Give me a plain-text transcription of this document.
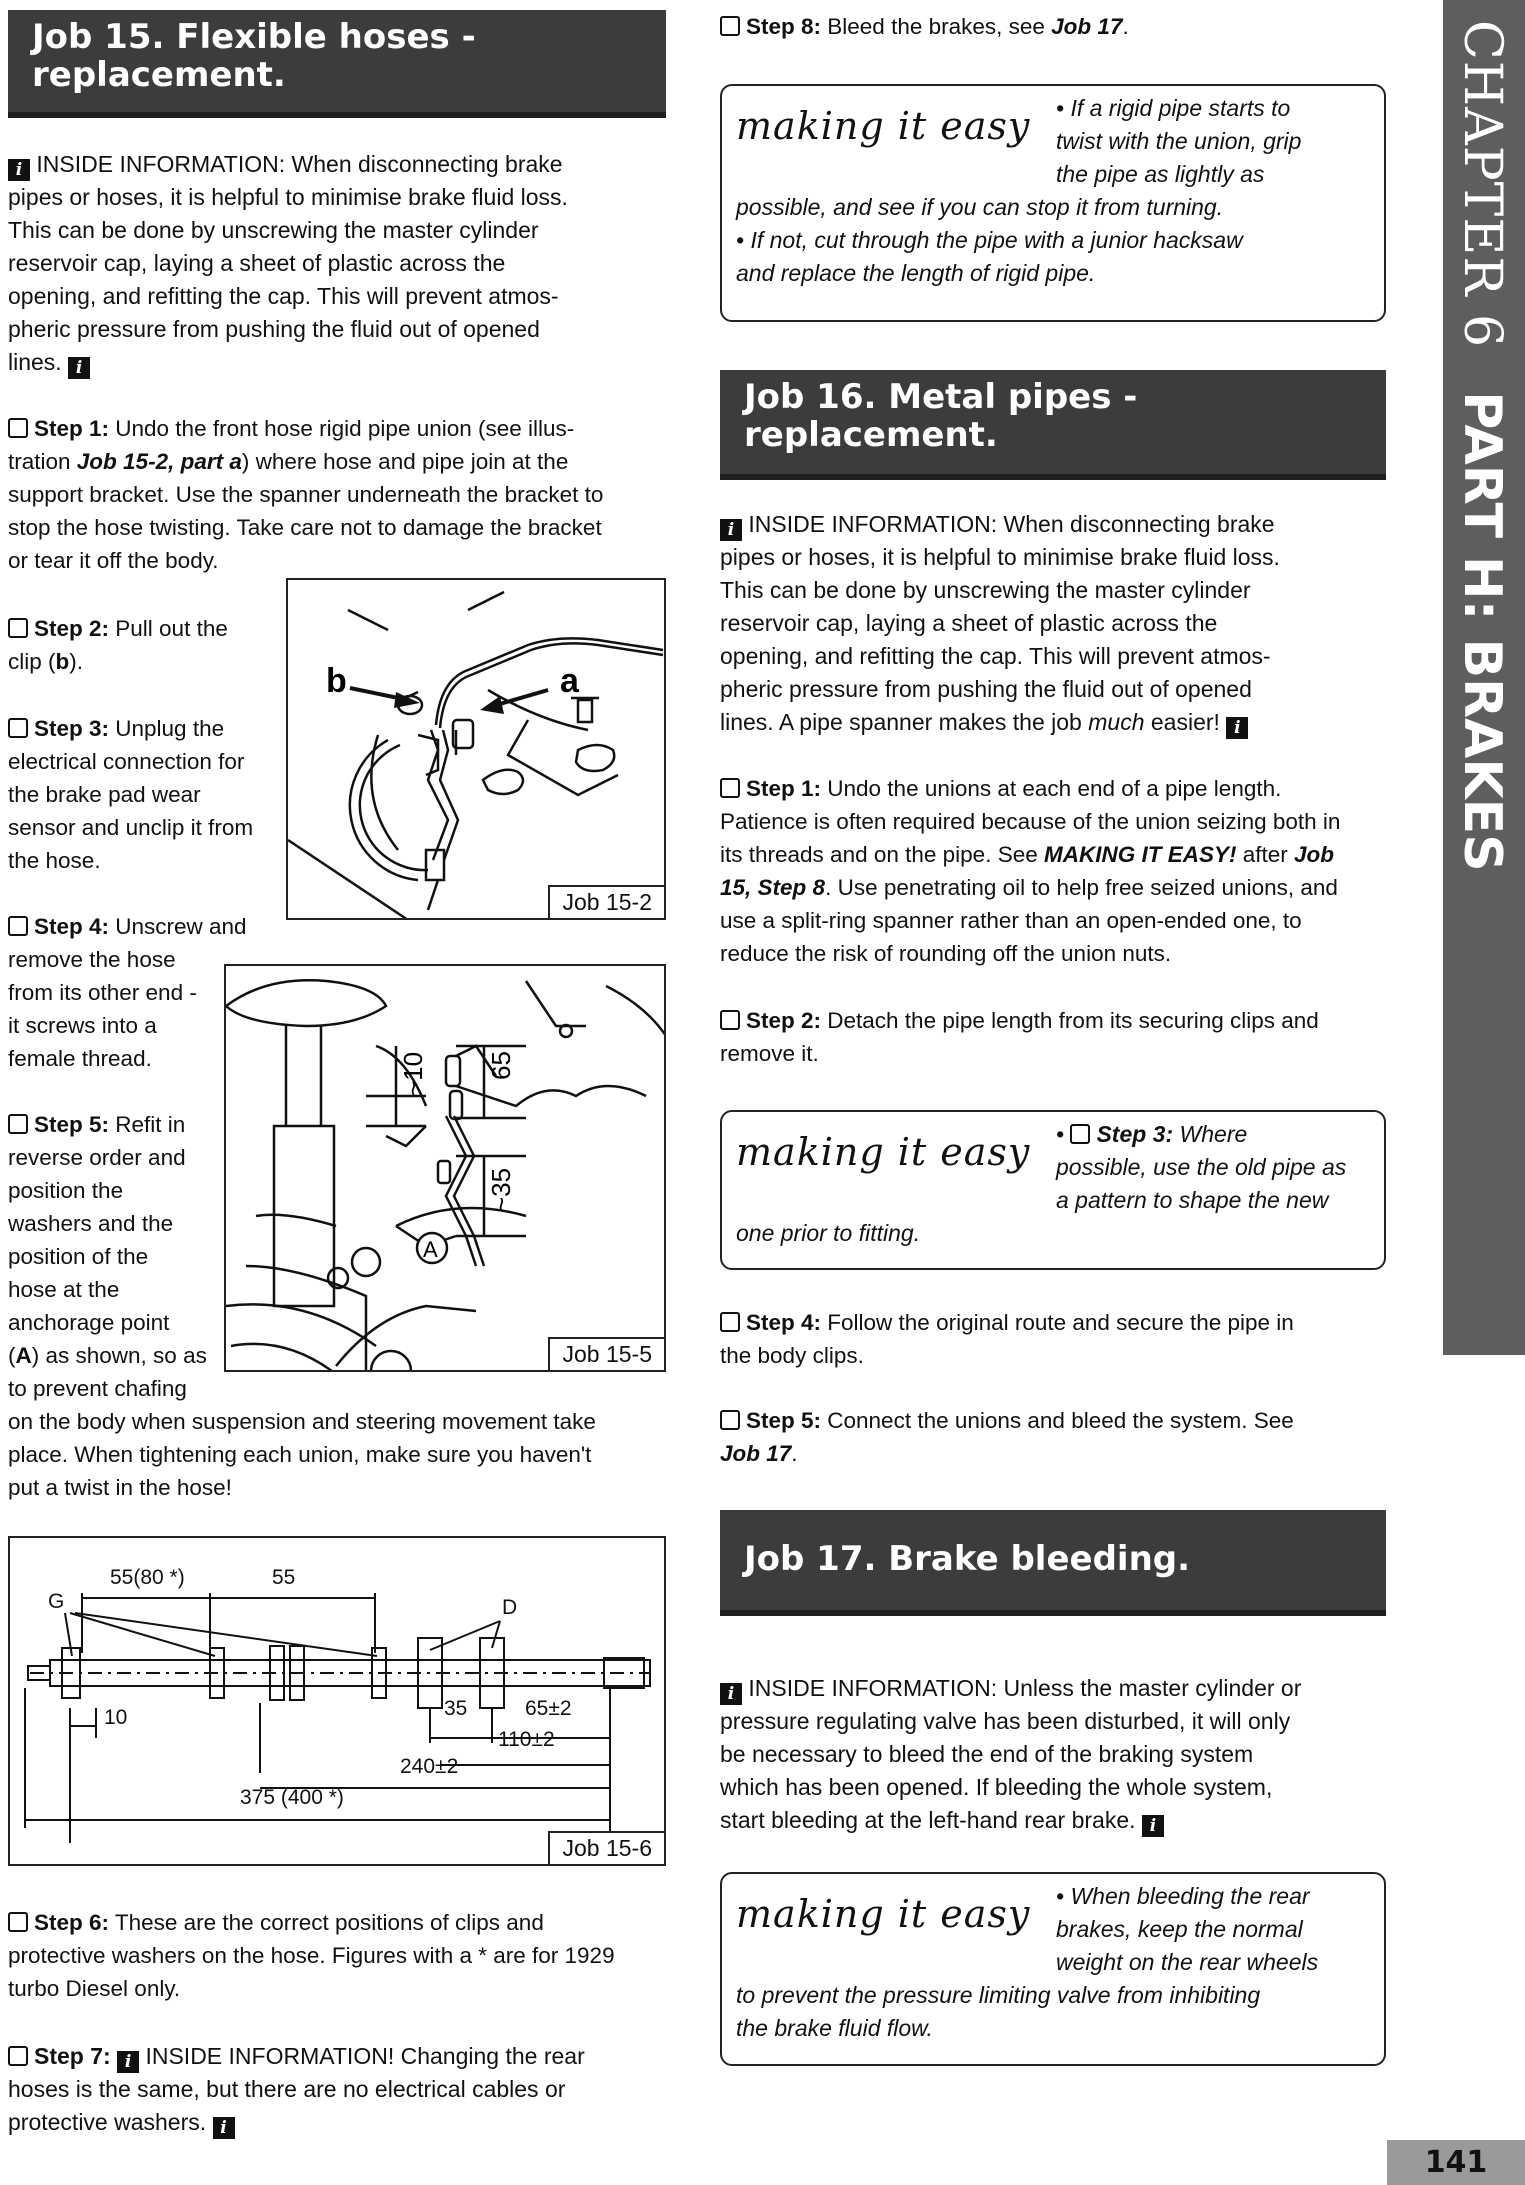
Job 15. Flexible hoses -
replacement.

i INSIDE INFORMATION: When disconnecting brake

pipes or hoses, it is helpful to minimise brake fluid loss.

This can be done by unscrewing the master cylinder

reservoir cap, laying a sheet of plastic across the

opening, and refitting the cap. This will prevent atmos-

pheric pressure from pushing the fluid out of opened

lines. i

Step 1: Undo the front hose rigid pipe union (see illus-

tration Job 15-2, part a) where hose and pipe join at the

support bracket. Use the spanner underneath the bracket to

stop the hose twisting. Take care not to damage the bracket

or tear it off the body.

Step 2: Pull out the

clip (b).

Step 3: Unplug the

electrical connection for

the brake pad wear

sensor and unclip it from

the hose.

Step 4: Unscrew and

remove the hose

from its other end -

it screws into a

female thread.

Step 5: Refit in

reverse order and

position the

washers and the

position of the

hose at the

anchorage point

(A) as shown, so as

to prevent chafing

on the body when suspension and steering movement take

place. When tightening each union, make sure you haven't

put a twist in the hose!

b	a
Job 15-2
~10 65
~35
A
Job 15-5
55(80 *)	55
G	D
10	35	65±2
110±2
240±2
375 (400 *)
Job 15-6

Step 6: These are the correct positions of clips and

protective washers on the hose. Figures with a * are for 1929

turbo Diesel only.

Step 7: i INSIDE INFORMATION! Changing the rear

hoses is the same, but there are no electrical cables or

protective washers. i

Step 8: Bleed the brakes, see Job 17.

making it easy	• If a rigid pipe starts to
twist with the union, grip
the pipe as lightly as
possible, and see if you can stop it from turning.
• If not, cut through the pipe with a junior hacksaw
and replace the length of rigid pipe.
Job 16. Metal pipes -
replacement.

i INSIDE INFORMATION: When disconnecting brake

pipes or hoses, it is helpful to minimise brake fluid loss.

This can be done by unscrewing the master cylinder

reservoir cap, laying a sheet of plastic across the

opening, and refitting the cap. This will prevent atmos-

pheric pressure from pushing the fluid out of opened

lines. A pipe spanner makes the job much easier! i

Step 1: Undo the unions at each end of a pipe length.

Patience is often required because of the union seizing both in

its threads and on the pipe. See MAKING IT EASY! after Job

15, Step 8. Use penetrating oil to help free seized unions, and

use a split-ring spanner rather than an open-ended one, to

reduce the risk of rounding off the union nuts.

Step 2: Detach the pipe length from its securing clips and

remove it.

making it easy	• Step 3: Where
possible, use the old pipe as
a pattern to shape the new
one prior to fitting.

Step 4: Follow the original route and secure the pipe in

the body clips.

Step 5: Connect the unions and bleed the system. See

Job 17.

Job 17. Brake bleeding.

i INSIDE INFORMATION: Unless the master cylinder or

pressure regulating valve has been disturbed, it will only

be necessary to bleed the end of the braking system

which has been opened. If bleeding the whole system,

start bleeding at the left-hand rear brake. i

making it easy	• When bleeding the rear
brakes, keep the normal
weight on the rear wheels
to prevent the pressure limiting valve from inhibiting
the brake fluid flow.
CHAPTER 6 PART H: BRAKES
141
